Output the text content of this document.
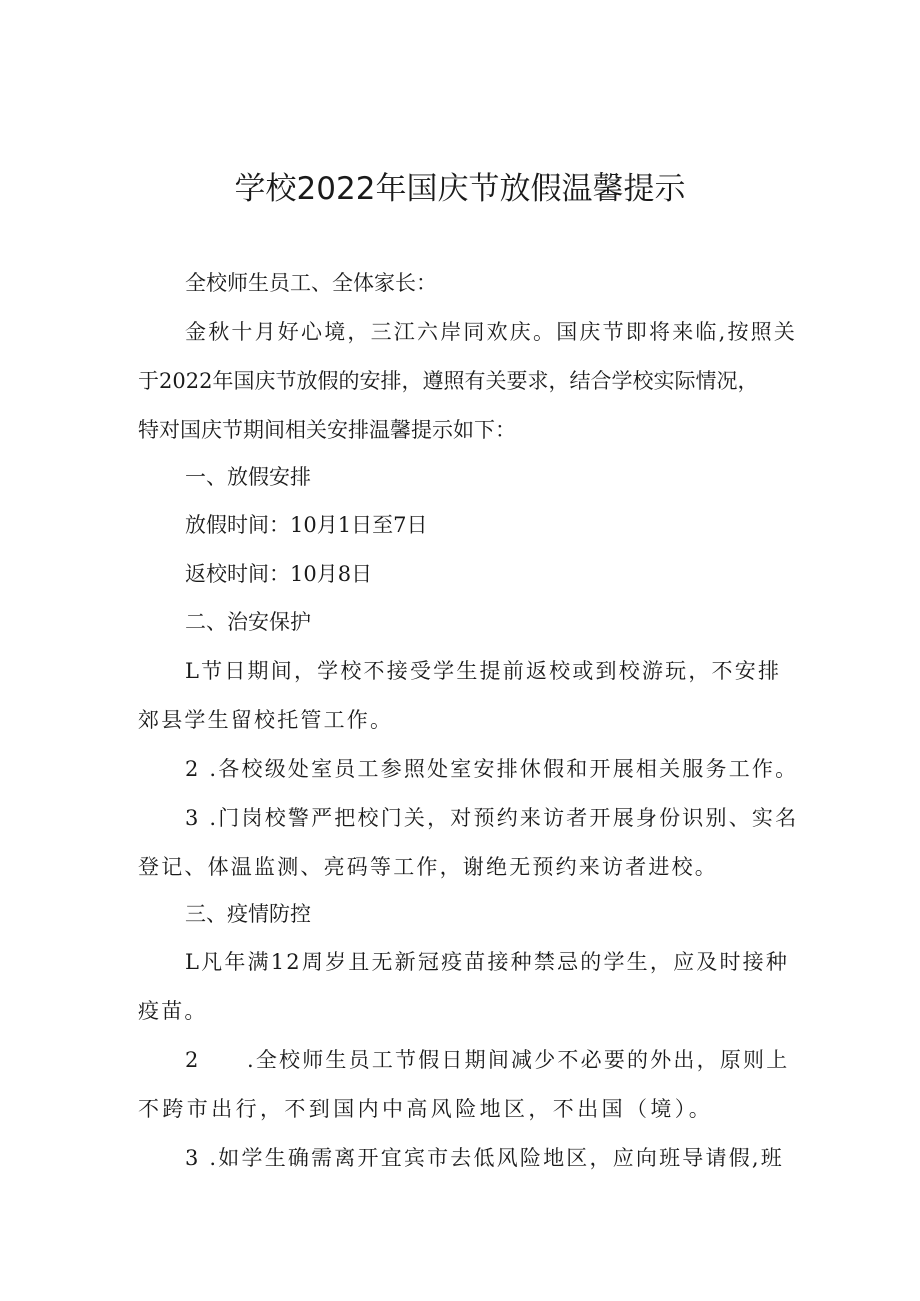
学校2022年国庆节放假温馨提示

全校师生员工、全体家长：

金秋十月好心境，三江六岸同欢庆。国庆节即将来临,按照关

于2022年国庆节放假的安排，遵照有关要求，结合学校实际情况，

特对国庆节期间相关安排温馨提示如下：

一、放假安排

放假时间：10月1日至7日

返校时间：10月8日

二、治安保护

L节日期间，学校不接受学生提前返校或到校游玩，不安排

郊县学生留校托管工作。

2 .各校级处室员工参照处室安排休假和开展相关服务工作。

3 .门岗校警严把校门关，对预约来访者开展身份识别、实名

登记、体温监测、亮码等工作，谢绝无预约来访者进校。

三、疫情防控

L凡年满12周岁且无新冠疫苗接种禁忌的学生，应及时接种

疫苗。

2　　.全校师生员工节假日期间减少不必要的外出，原则上

不跨市出行，不到国内中高风险地区，不出国（境）。

3 .如学生确需离开宜宾市去低风险地区，应向班导请假,班
